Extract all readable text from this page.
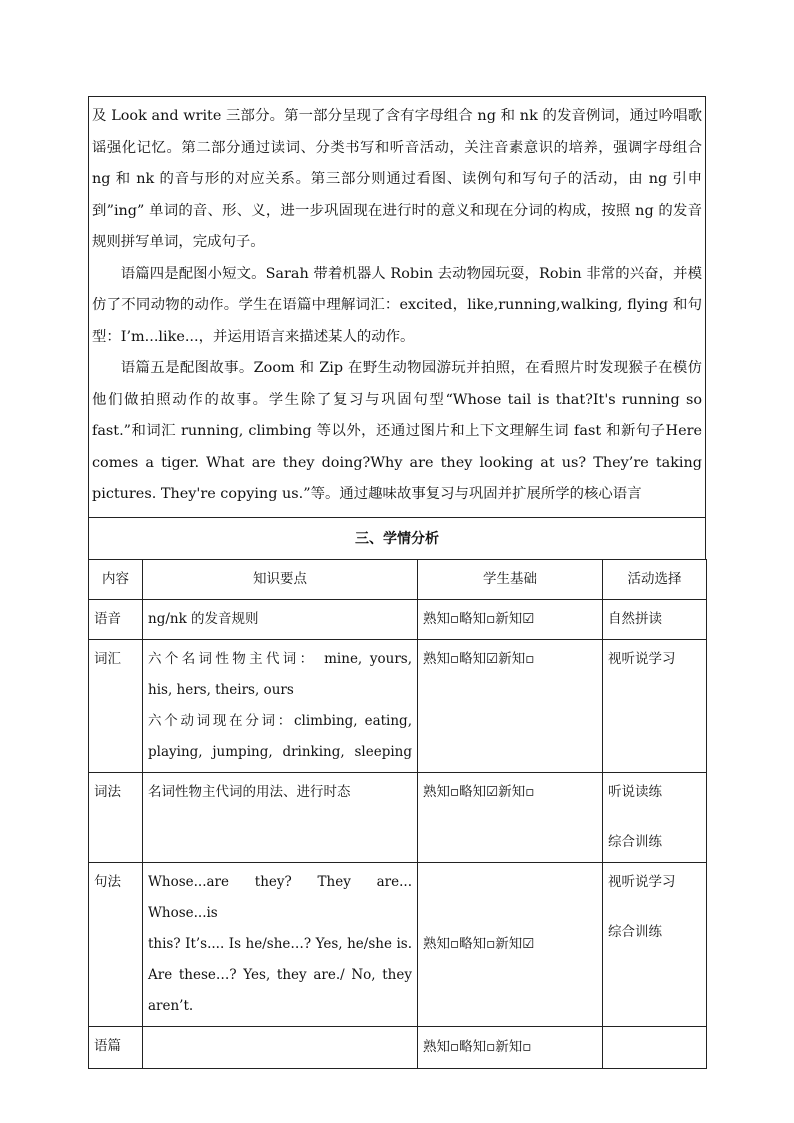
及 Look and write 三部分。第一部分呈现了含有字母组合 ng 和 nk 的发音例词，通过吟唱歌谣强化记忆。第二部分通过读词、分类书写和听音活动，关注音素意识的培养，强调字母组合 ng 和 nk 的音与形的对应关系。第三部分则通过看图、读例句和写句子的活动，由 ng 引申到”ing” 单词的音、形、义，进一步巩固现在进行时的意义和现在分词的构成，按照 ng 的发音规则拼写单词，完成句子。

语篇四是配图小短文。Sarah 带着机器人 Robin 去动物园玩耍，Robin 非常的兴奋，并模仿了不同动物的动作。学生在语篇中理解词汇：excited，like,running,walking, flying 和句型：I’m...like...，并运用语言来描述某人的动作。

语篇五是配图故事。Zoom 和 Zip 在野生动物园游玩并拍照，在看照片时发现猴子在模仿他们做拍照动作的故事。学生除了复习与巩固句型“Whose tail is that?It's running so fast.”和词汇 running, climbing 等以外，还通过图片和上下文理解生词 fast 和新句子Here comes a tiger. What are they doing?Why are they looking at us? They’re taking pictures. They're copying us.”等。通过趣味故事复习与巩固并扩展所学的核心语言

三、学情分析
内容	知识要点	学生基础	活动选择
语音	ng/nk 的发音规则	熟知▫略知▫新知☑	自然拼读

词汇	六个名词性物主代词： mine, yours,
his, hers, theirs, ours
六个动词现在分词：climbing, eating,
playing, jumping, drinking, sleeping	熟知▫略知☑新知▫	视听说学习

词法	名词性物主代词的用法、进行时态	熟知▫略知☑新知▫	听说读练
综合训练

句法	Whose...are they? They are... Whose...is
this? It’s.... Is he/she…? Yes, he/she is.
Are these…? Yes, they are./ No, they
aren’t.	熟知▫略知▫新知☑	视听说学习
综合训练

语篇		熟知▫略知▫新知▫	
